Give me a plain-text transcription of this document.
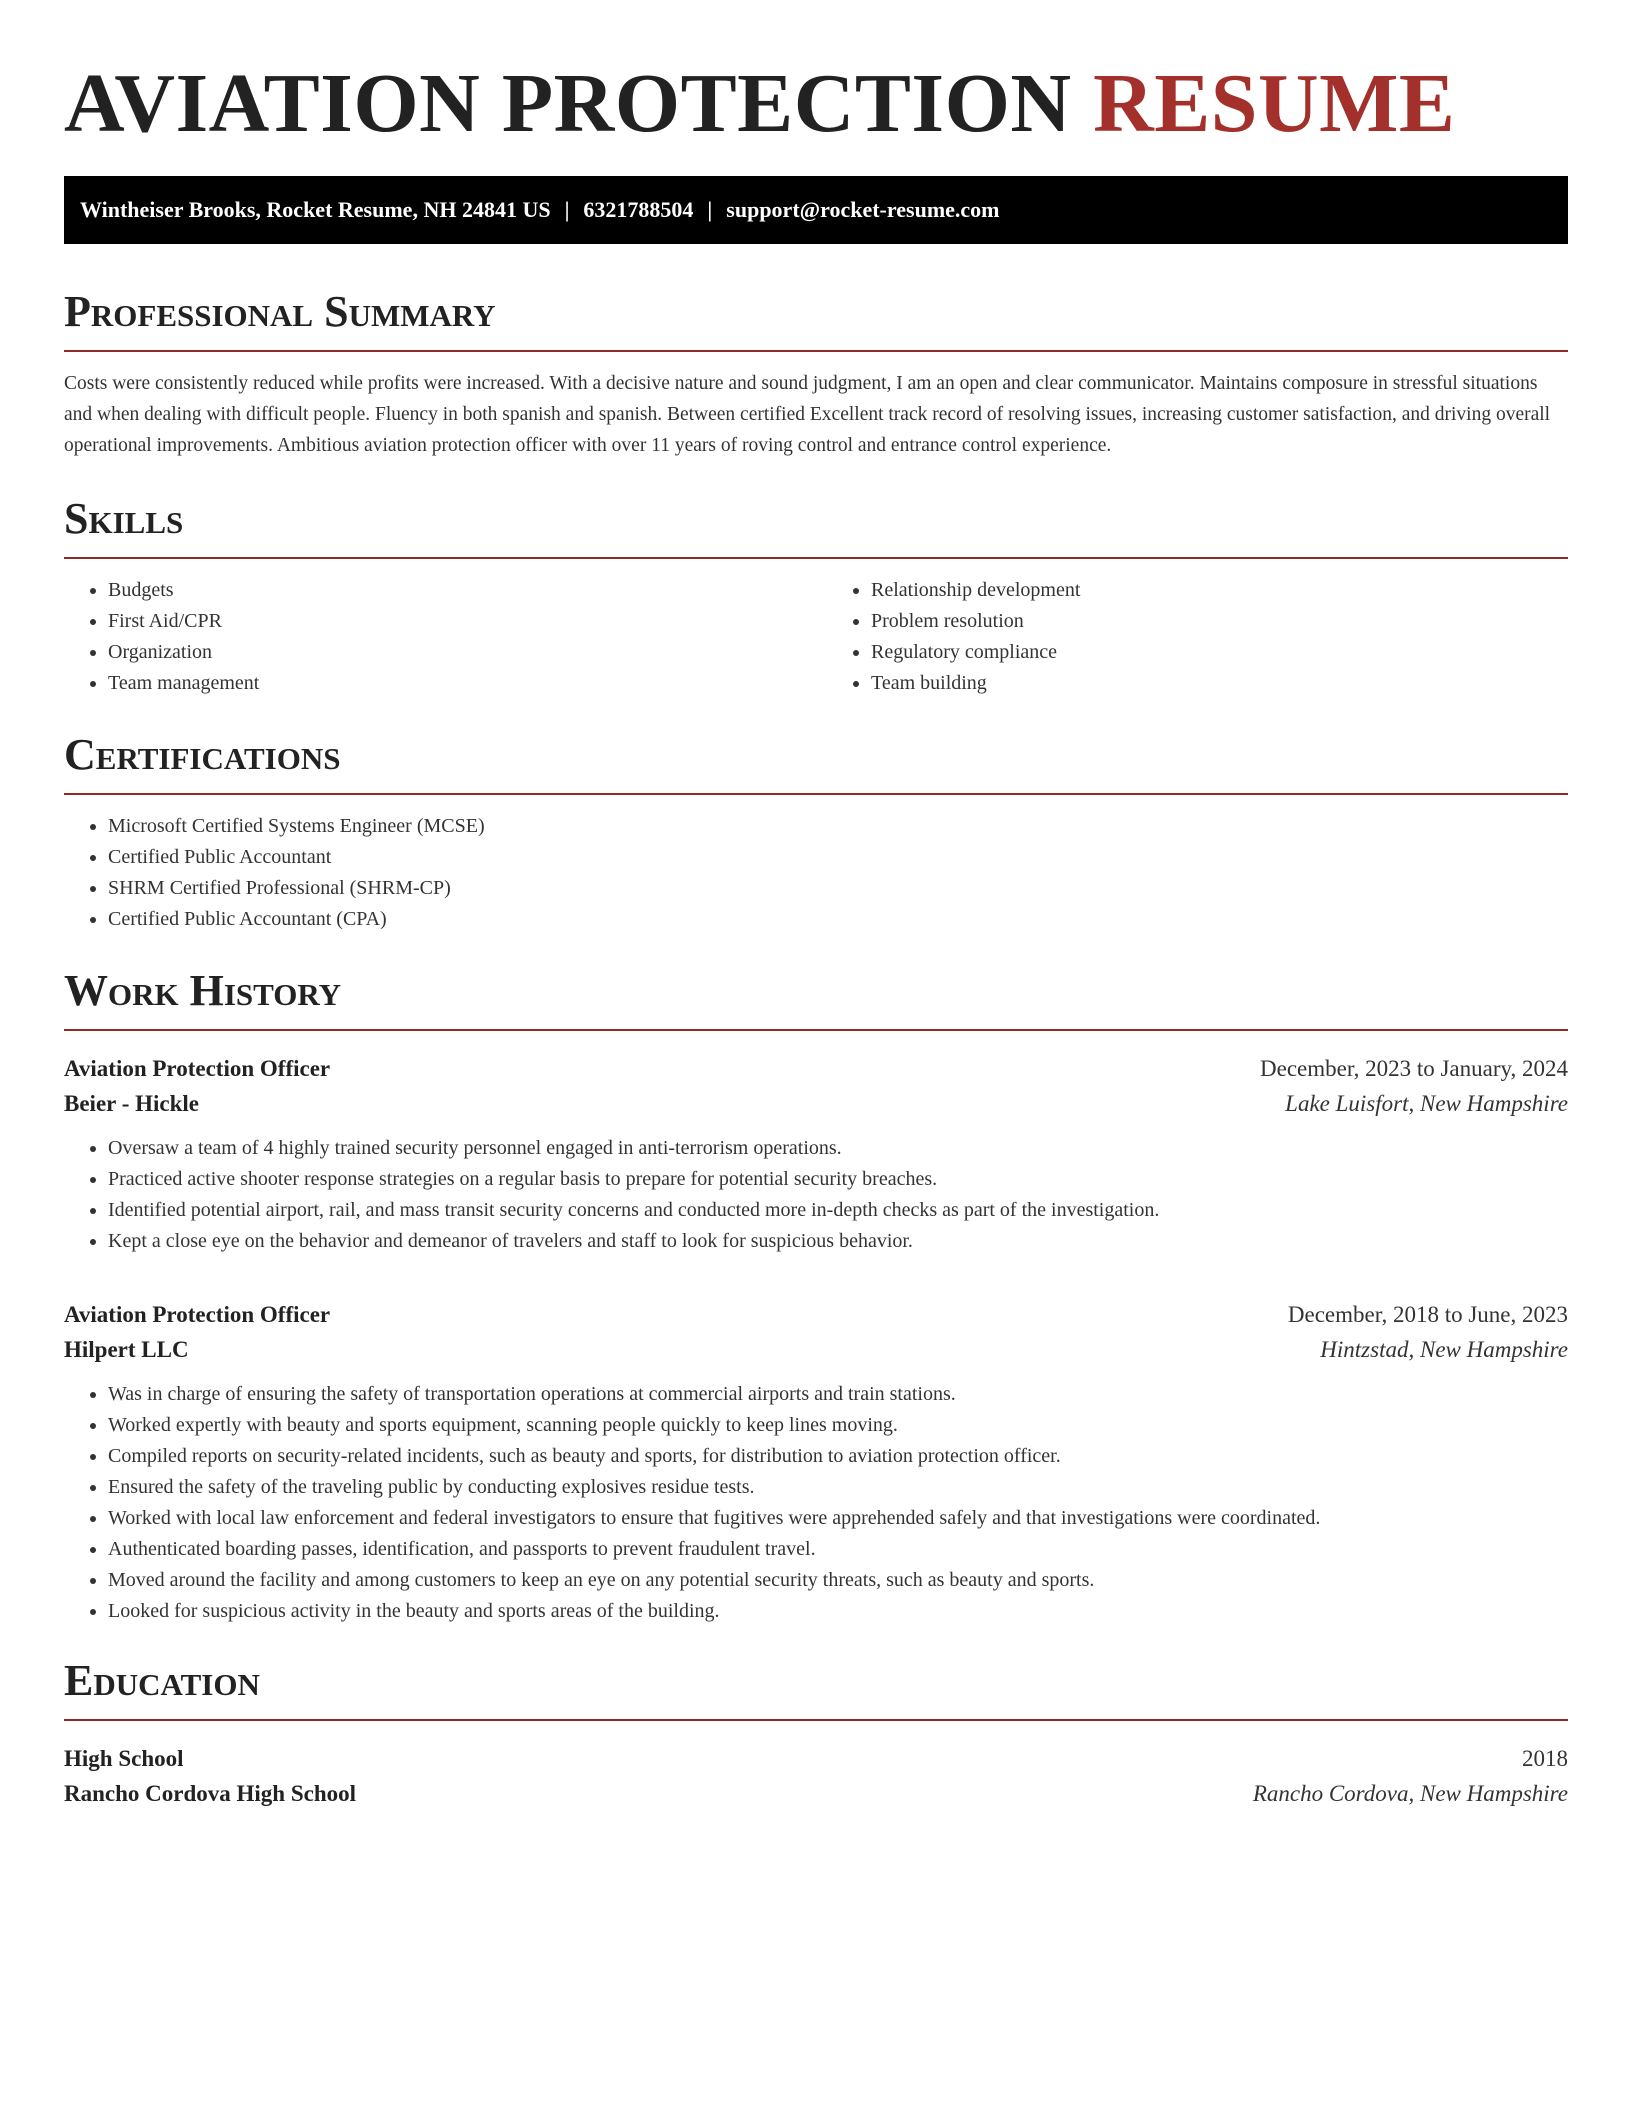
AVIATION PROTECTION RESUME
Wintheiser Brooks, Rocket Resume, NH 24841 US | 6321788504 | support@rocket-resume.com
Professional Summary

Costs were consistently reduced while profits were increased. With a decisive nature and sound judgment, I am an open and clear communicator. Maintains composure in stressful situations and when dealing with difficult people. Fluency in both spanish and spanish. Between certified Excellent track record of resolving issues, increasing customer satisfaction, and driving overall operational improvements. Ambitious aviation protection officer with over 11 years of roving control and entrance control experience.

Skills
• Budgets
• First Aid/CPR
• Organization
• Team management
• Relationship development
• Problem resolution
• Regulatory compliance
• Team building
Certifications
• Microsoft Certified Systems Engineer (MCSE)
• Certified Public Accountant
• SHRM Certified Professional (SHRM-CP)
• Certified Public Accountant (CPA)
Work History
Aviation Protection Officer	December, 2023 to January, 2024
Beier - Hickle	Lake Luisfort, New Hampshire
• Oversaw a team of 4 highly trained security personnel engaged in anti-terrorism operations.
• Practiced active shooter response strategies on a regular basis to prepare for potential security breaches.
• Identified potential airport, rail, and mass transit security concerns and conducted more in-depth checks as part of the investigation.
• Kept a close eye on the behavior and demeanor of travelers and staff to look for suspicious behavior.
Aviation Protection Officer	December, 2018 to June, 2023
Hilpert LLC	Hintzstad, New Hampshire
• Was in charge of ensuring the safety of transportation operations at commercial airports and train stations.
• Worked expertly with beauty and sports equipment, scanning people quickly to keep lines moving.
• Compiled reports on security-related incidents, such as beauty and sports, for distribution to aviation protection officer.
• Ensured the safety of the traveling public by conducting explosives residue tests.
• Worked with local law enforcement and federal investigators to ensure that fugitives were apprehended safely and that investigations were coordinated.
• Authenticated boarding passes, identification, and passports to prevent fraudulent travel.
• Moved around the facility and among customers to keep an eye on any potential security threats, such as beauty and sports.
• Looked for suspicious activity in the beauty and sports areas of the building.
Education
High School	2018
Rancho Cordova High School	Rancho Cordova, New Hampshire
